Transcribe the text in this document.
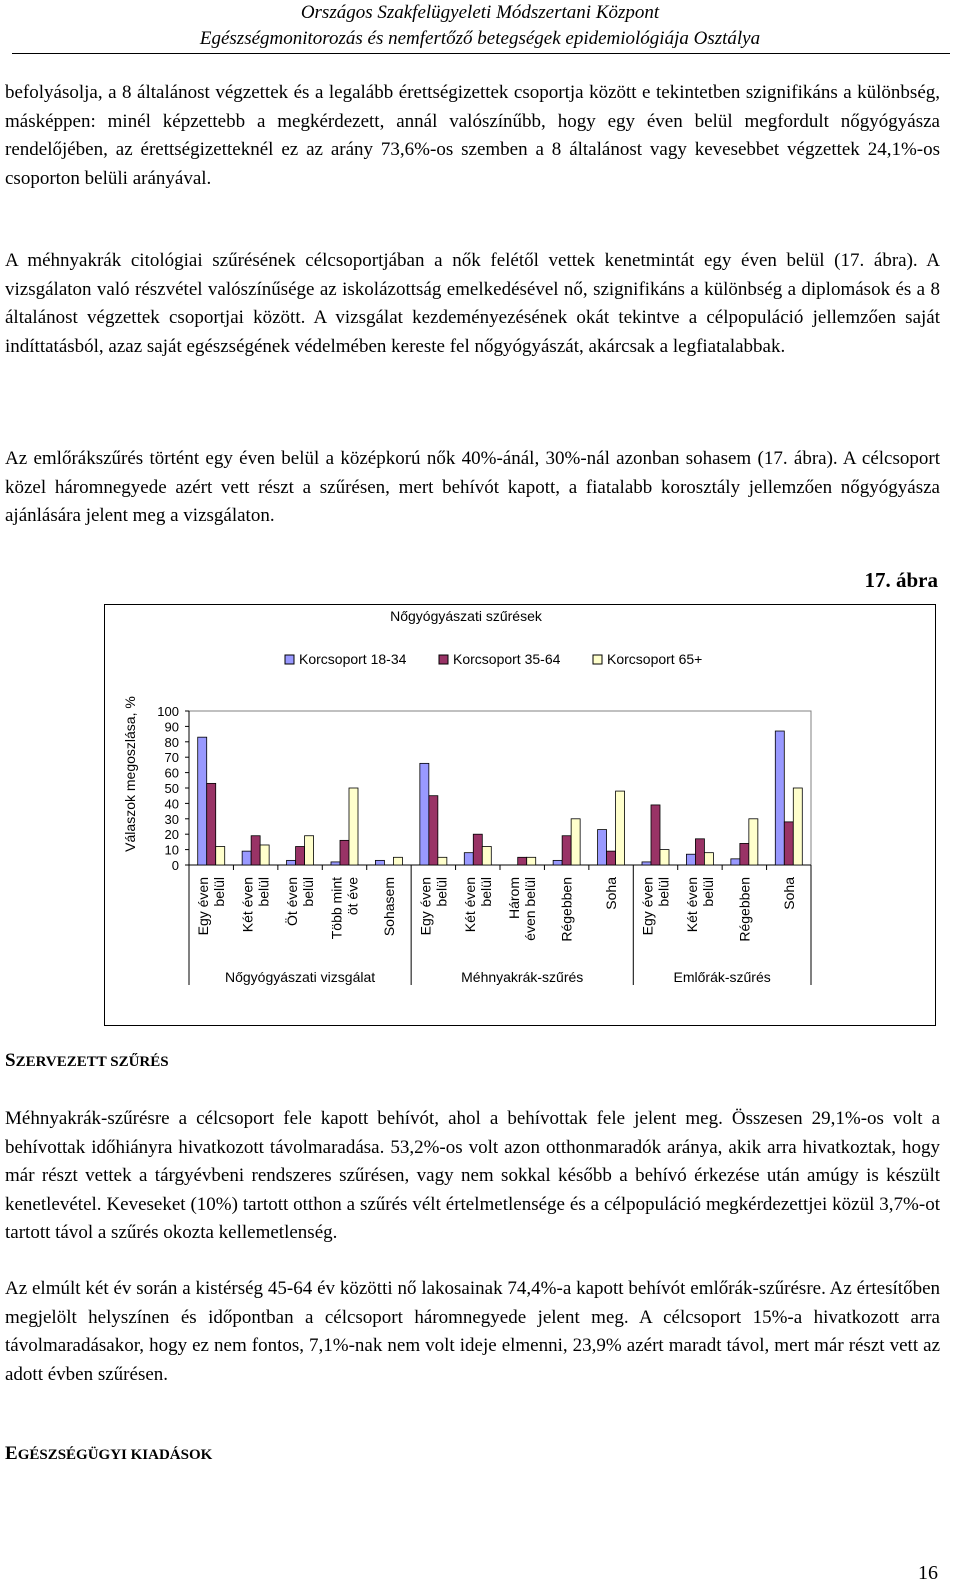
Országos Szakfelügyeleti Módszertani Központ
Egészségmonitorozás és nemfertőző betegségek epidemiológiája Osztálya

befolyásolja, a 8 általánost végzettek és a legalább érettségizettek csoportja között e tekintetben szignifikáns a különbség, másképpen: minél képzettebb a megkérdezett, annál valószínűbb, hogy egy éven belül megfordult nőgyógyásza rendelőjében, az érettségizetteknél ez az arány 73,6%-os szemben a 8 általánost vagy kevesebbet végzettek 24,1%-os csoporton belüli arányával.

A méhnyakrák citológiai szűrésének célcsoportjában a nők felétől vettek kenetmintát egy éven belül (17. ábra). A vizsgálaton való részvétel valószínűsége az iskolázottság emelkedésével nő, szignifikáns a különbség a diplomások és a 8 általánost végzettek csoportjai között. A vizsgálat kezdeményezésének okát tekintve a célpopuláció jellemzően saját indíttatásból, azaz saját egészségének védelmében kereste fel nőgyógyászát, akárcsak a legfiatalabbak.

Az emlőrákszűrés történt egy éven belül a középkorú nők 40%-ánál, 30%-nál azonban sohasem (17. ábra). A célcsoport közel háromnegyede azért vett részt a szűrésen, mert behívót kapott, a fiatalabb korosztály jellemzően nőgyógyásza ajánlására jelent meg a vizsgálaton.

17. ábra
Nőgyógyászati szűrések
Korcsoport 18-34	Korcsoport 35-64	Korcsoport 65+
0
10
20
30
40
50
60
70
80
90
100
Válaszok megoszlása, %
Egy éven belül Két éven belül Öt éven belül Több mint öt éve Sohasem Egy éven belül Két éven belül Három éven belül Régebben Soha Egy éven belül Két éven belül Régebben Soha
Nőgyógyászati vizsgálat	Méhnyakrák-szűrés	Emlőrák-szűrés
SZERVEZETT SZŰRÉS

Méhnyakrák-szűrésre a célcsoport fele kapott behívót, ahol a behívottak fele jelent meg. Összesen 29,1%-os volt a behívottak időhiányra hivatkozott távolmaradása. 53,2%-os volt azon otthonmaradók aránya, akik arra hivatkoztak, hogy már részt vettek a tárgyévbeni rendszeres szűrésen, vagy nem sokkal később a behívó érkezése után amúgy is készült kenetlevétel. Keveseket (10%) tartott otthon a szűrés vélt értelmetlensége és a célpopuláció megkérdezettjei közül 3,7%-ot tartott távol a szűrés okozta kellemetlenség.

Az elmúlt két év során a kistérség 45-64 év közötti nő lakosainak 74,4%-a kapott behívót emlőrák-szűrésre. Az értesítőben megjelölt helyszínen és időpontban a célcsoport háromnegyede jelent meg. A célcsoport 15%-a hivatkozott arra távolmaradásakor, hogy ez nem fontos, 7,1%-nak nem volt ideje elmenni, 23,9% azért maradt távol, mert már részt vett az adott évben szűrésen.

EGÉSZSÉGÜGYI KIADÁSOK
16
